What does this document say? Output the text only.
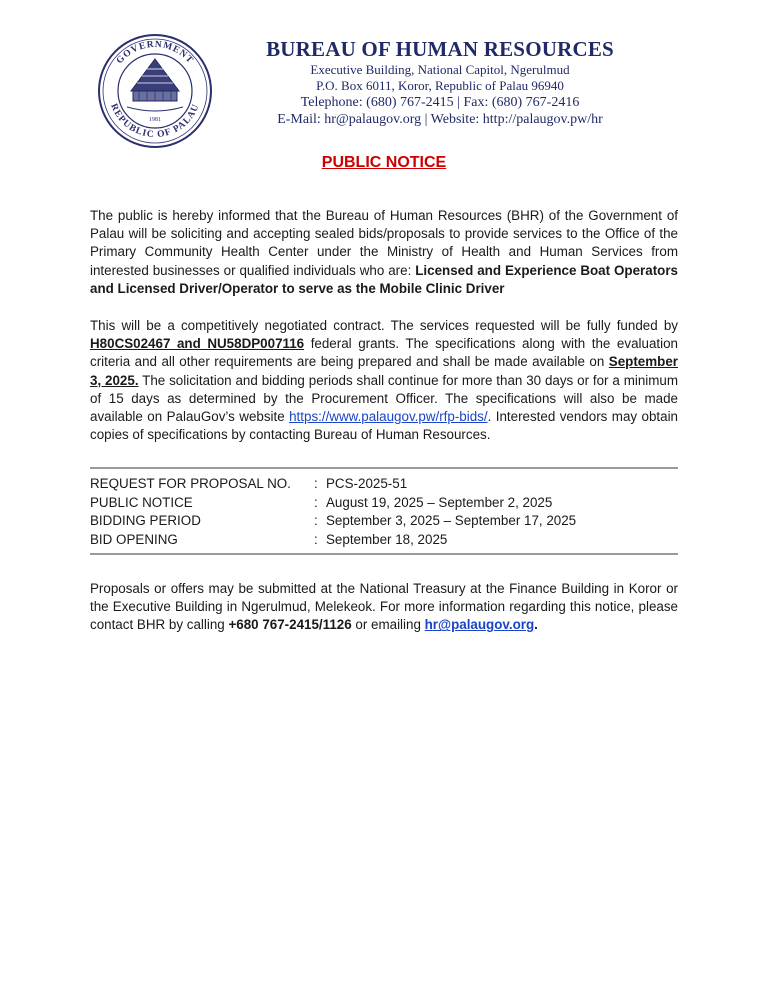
GOVERNMENT
REPUBLIC OF PALAU
1981
BUREAU OF HUMAN RESOURCES
Executive Building, National Capitol, Ngerulmud
P.O. Box 6011, Koror, Republic of Palau 96940
Telephone: (680) 767-2415 | Fax: (680) 767-2416
E-Mail: hr@palaugov.org | Website: http://palaugov.pw/hr
PUBLIC NOTICE
The public is hereby informed that the Bureau of Human Resources (BHR) of the Government of Palau will be soliciting and accepting sealed bids/proposals to provide services to the Office of the Primary Community Health Center under the Ministry of Health and Human Services from interested businesses or qualified individuals who are: Licensed and Experience Boat Operators and Licensed Driver/Operator to serve as the Mobile Clinic Driver
This will be a competitively negotiated contract. The services requested will be fully funded by H80CS02467 and NU58DP007116 federal grants. The specifications along with the evaluation criteria and all other requirements are being prepared and shall be made available on September 3, 2025. The solicitation and bidding periods shall continue for more than 30 days or for a minimum of 15 days as determined by the Procurement Officer. The specifications will also be made available on PalauGov’s website https://www.palaugov.pw/rfp-bids/. Interested vendors may obtain copies of specifications by contacting Bureau of Human Resources.
REQUEST FOR PROPOSAL NO.	: PCS-2025-51
PUBLIC NOTICE	: August 19, 2025 – September 2, 2025
BIDDING PERIOD	: September 3, 2025 – September 17, 2025
BID OPENING	: September 18, 2025
Proposals or offers may be submitted at the National Treasury at the Finance Building in Koror or the Executive Building in Ngerulmud, Melekeok. For more information regarding this notice, please contact BHR by calling +680 767-2415/1126 or emailing hr@palaugov.org.
